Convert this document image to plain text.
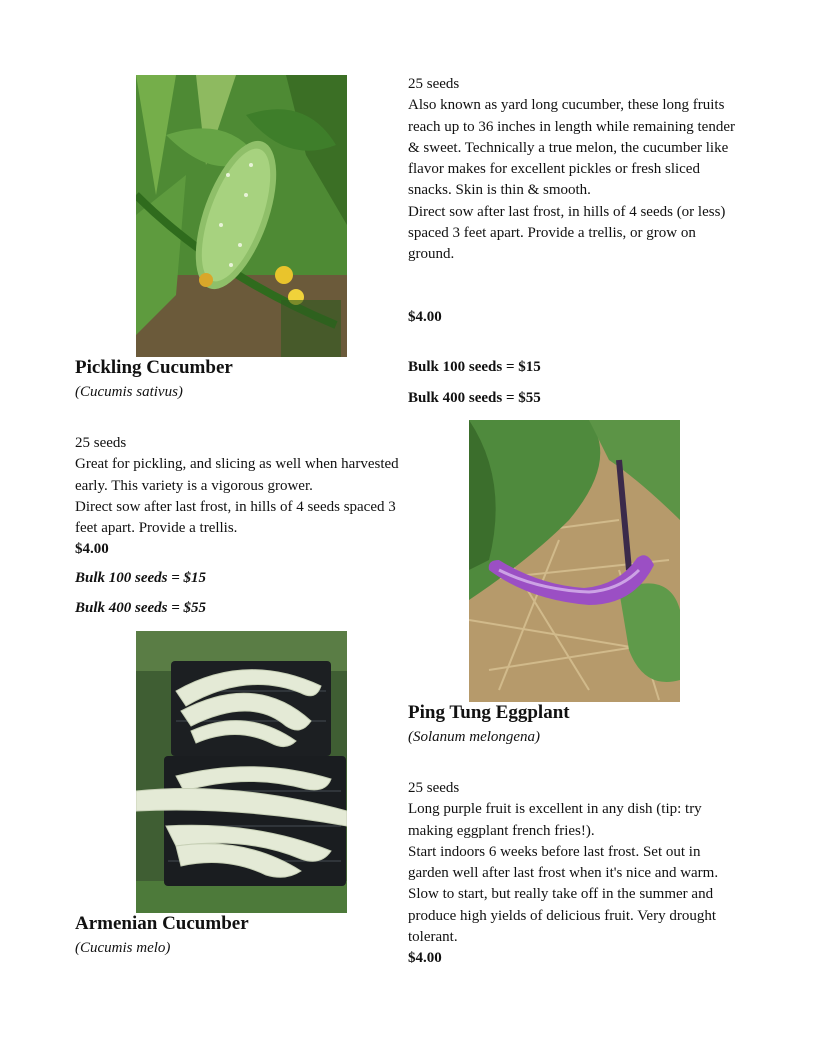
Pickling Cucumber
(Cucumis sativus)

25 seeds

Great for pickling, and slicing as well when harvested early. This variety is a vigorous grower.

Direct sow after last frost, in hills of 4 seeds spaced 3 feet apart. Provide a trellis.

$4.00

Bulk 100 seeds = $15
Bulk 400 seeds = $55
Armenian Cucumber
(Cucumis melo)

25 seeds

Also known as yard long cucumber, these long fruits reach up to 36 inches in length while remaining tender & sweet. Technically a true melon, the cucumber like flavor makes for excellent pickles or fresh sliced snacks. Skin is thin & smooth.

Direct sow after last frost, in hills of 4 seeds (or less) spaced 3 feet apart. Provide a trellis, or grow on ground.

$4.00
Bulk 100 seeds = $15
Bulk 400 seeds = $55
Ping Tung Eggplant
(Solanum melongena)

25 seeds

Long purple fruit is excellent in any dish (tip: try making eggplant french fries!).

Start indoors 6 weeks before last frost. Set out in garden well after last frost when it's nice and warm. Slow to start, but really take off in the summer and produce high yields of delicious fruit. Very drought tolerant.

$4.00
